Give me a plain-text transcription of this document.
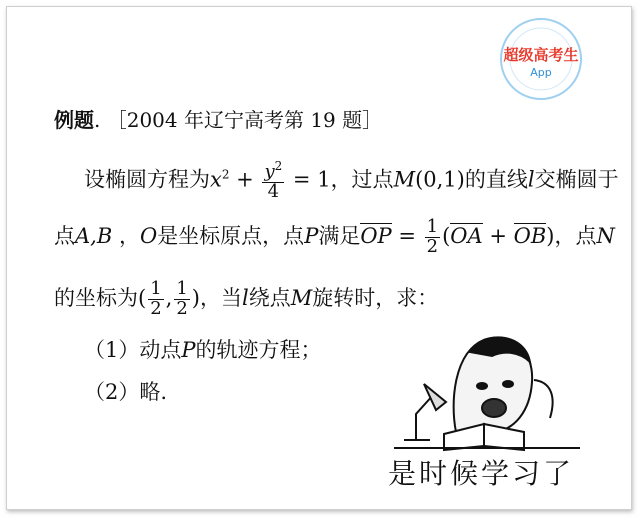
超级高考生
App
例题. ［2004 年辽宁高考第 19 题］
设椭圆方程为$x^2 + \frac{y^2}{4} = 1$，过点M(0,1)的直线l交椭圆于
点A,B ，O是坐标原点，点P满足OP = $\frac{1}{2} (OA + OB)$，点N
的坐标为( $\frac{1}{2}$ , $\frac{1}{2}$ )，当l绕点M旋转时，求：
（1）动点P的轨迹方程；
（2）略.
是时候学习了
